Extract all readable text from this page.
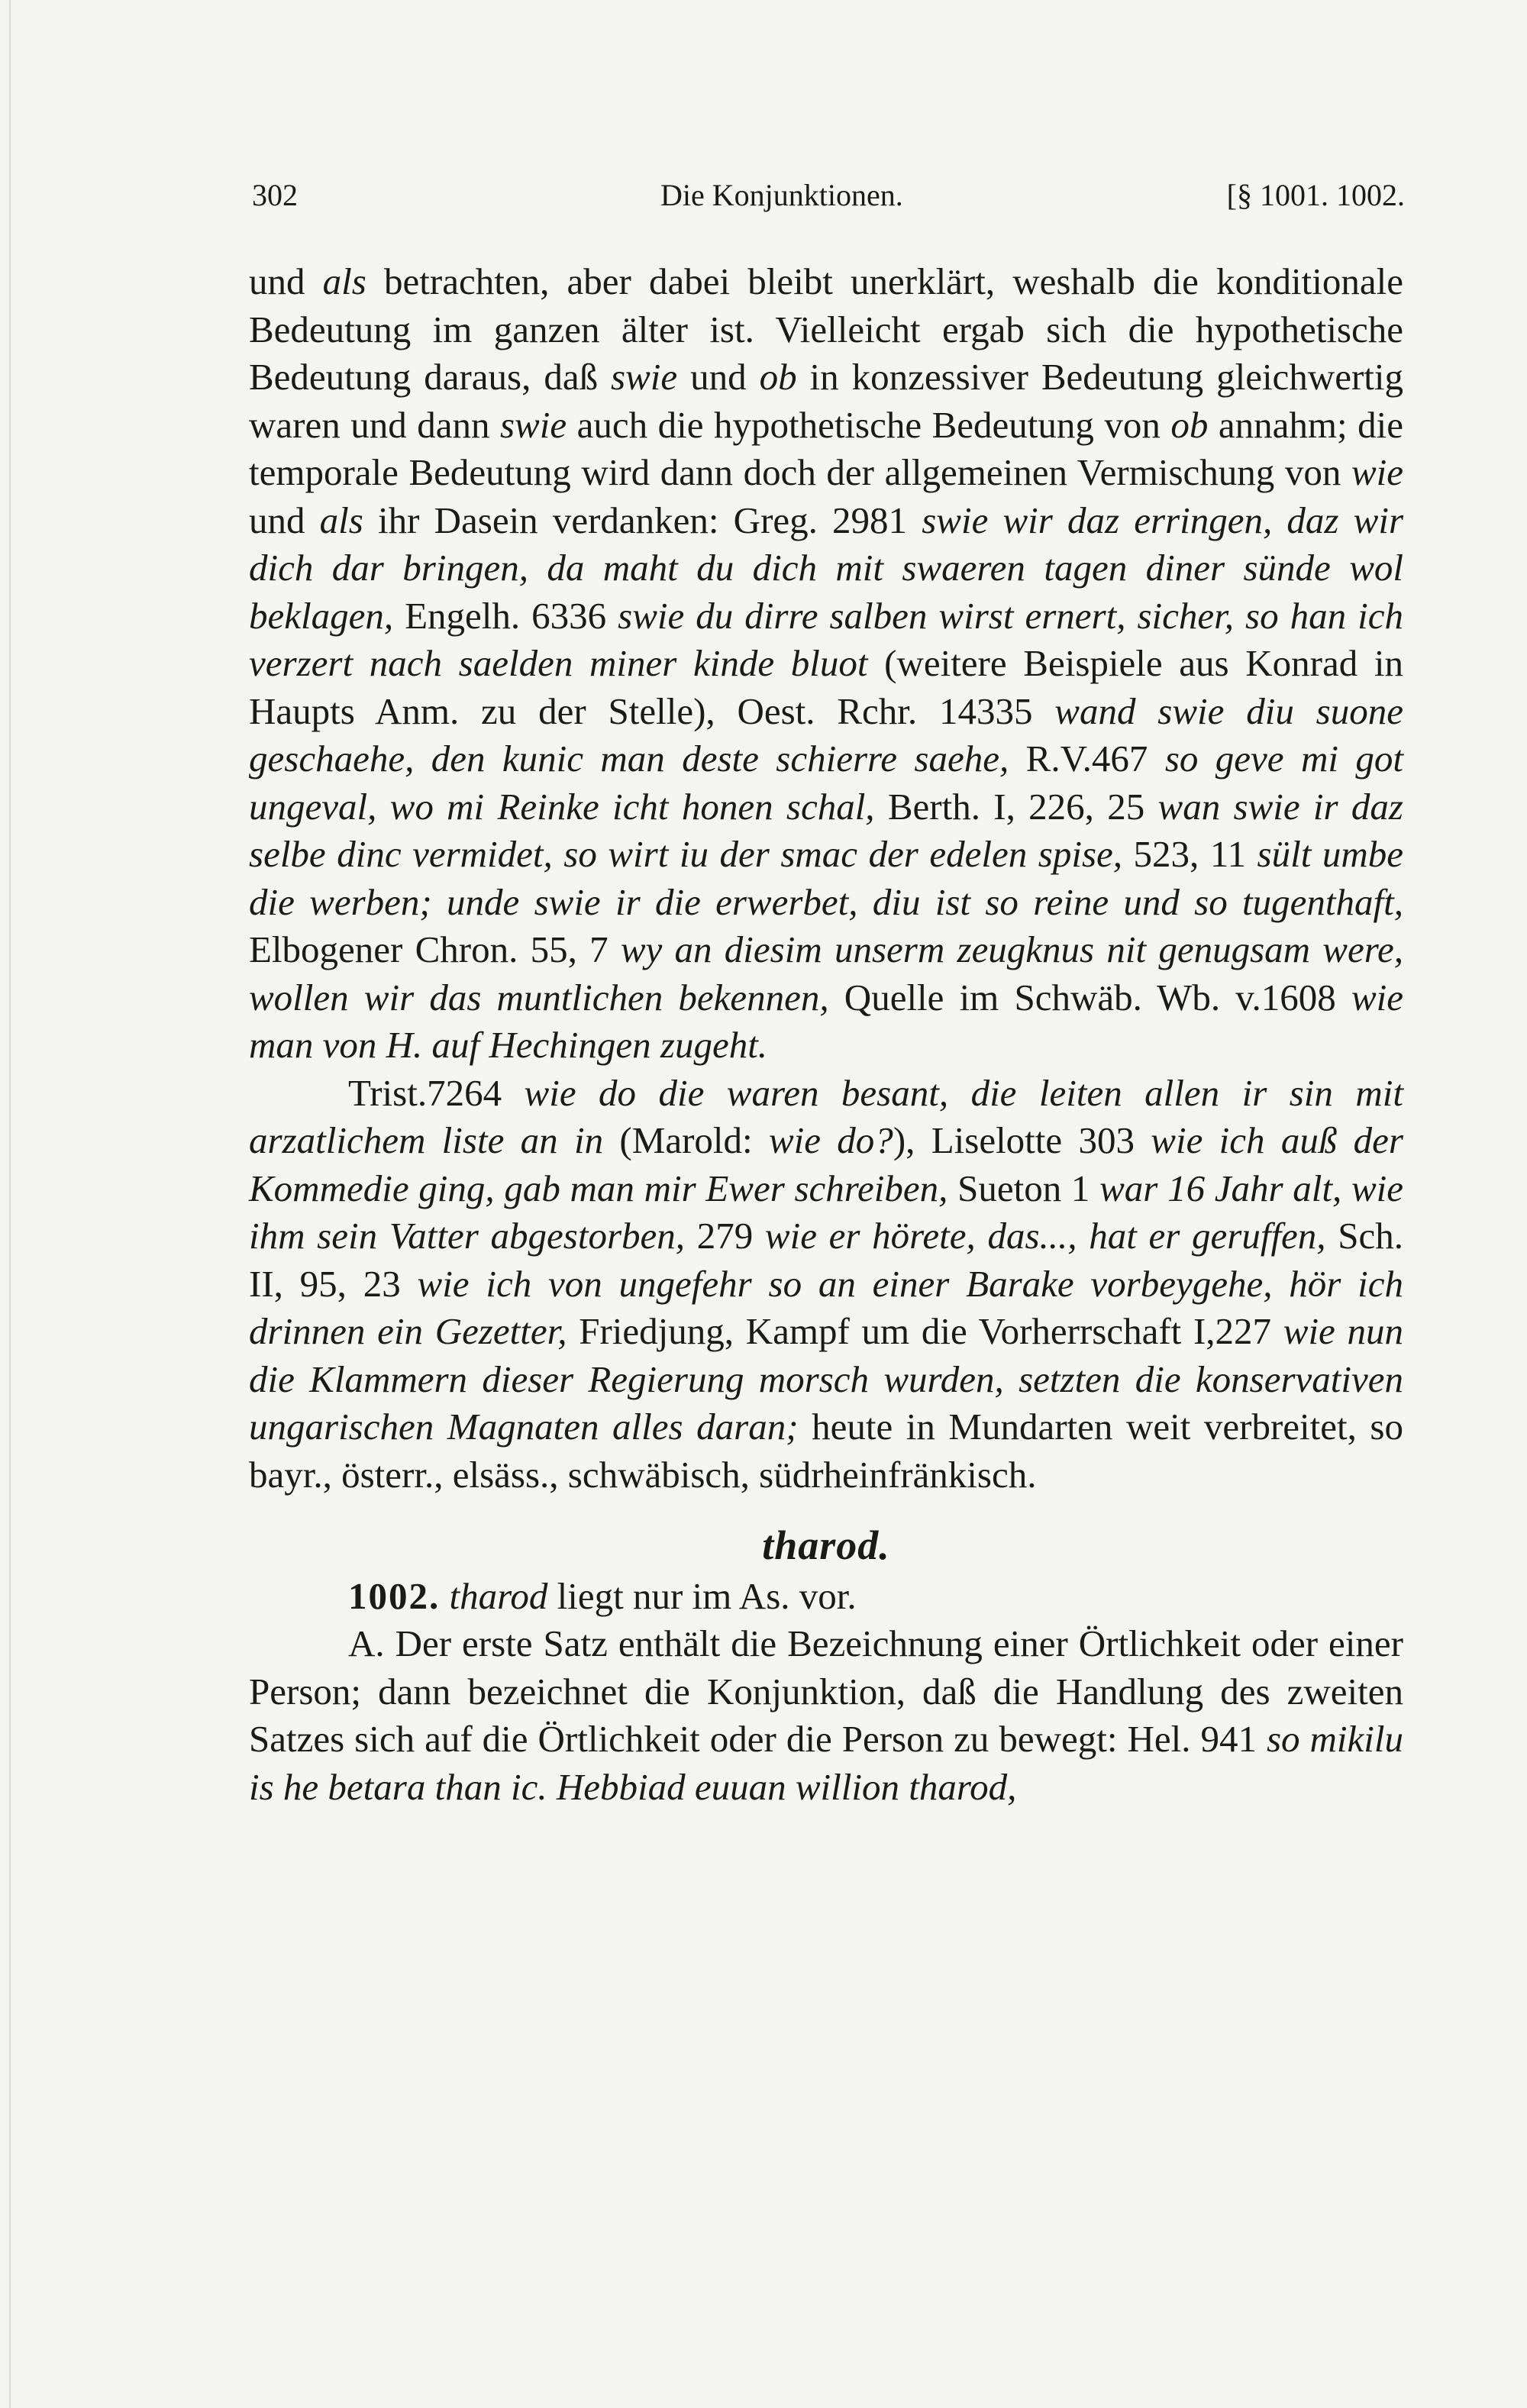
302	Die Konjunktionen.	[§ 1001. 1002.

und als betrachten, aber dabei bleibt unerklärt, weshalb die konditionale Bedeutung im ganzen älter ist. Vielleicht ergab sich die hypothetische Bedeutung daraus, daß swie und ob in konzessiver Bedeutung gleichwertig waren und dann swie auch die hypothetische Bedeutung von ob annahm; die temporale Bedeutung wird dann doch der allgemeinen Vermischung von wie und als ihr Dasein verdanken: Greg. 2981 swie wir daz erringen, daz wir dich dar bringen, da maht du dich mit swaeren tagen diner sünde wol beklagen, Engelh. 6336 swie du dirre salben wirst ernert, sicher, so han ich verzert nach saelden miner kinde bluot (weitere Beispiele aus Konrad in Haupts Anm. zu der Stelle), Oest. Rchr. 14335 wand swie diu suone geschaehe, den kunic man deste schierre saehe, R.V.467 so geve mi got ungeval, wo mi Reinke icht honen schal, Berth. I, 226, 25 wan swie ir daz selbe dinc vermidet, so wirt iu der smac der edelen spise, 523, 11 sült umbe die werben; unde swie ir die erwerbet, diu ist so reine und so tugenthaft, Elbogener Chron. 55, 7 wy an diesim unserm zeugknus nit genugsam were, wollen wir das muntlichen bekennen, Quelle im Schwäb. Wb. v.1608 wie man von H. auf Hechingen zugeht.

Trist.7264 wie do die waren besant, die leiten allen ir sin mit arzatlichem liste an in (Marold: wie do?), Liselotte 303 wie ich auß der Kommedie ging, gab man mir Ewer schreiben, Sueton 1 war 16 Jahr alt, wie ihm sein Vatter abgestorben, 279 wie er hörete, das..., hat er geruffen, Sch. II, 95, 23 wie ich von ungefehr so an einer Barake vorbeygehe, hör ich drinnen ein Gezetter, Friedjung, Kampf um die Vorherrschaft I,227 wie nun die Klammern dieser Regierung morsch wurden, setzten die konservativen ungarischen Magnaten alles daran; heute in Mundarten weit verbreitet, so bayr., österr., elsäss., schwäbisch, südrheinfränkisch.

tharod.

1002. tharod liegt nur im As. vor.

A. Der erste Satz enthält die Bezeichnung einer Örtlichkeit oder einer Person; dann bezeichnet die Konjunktion, daß die Handlung des zweiten Satzes sich auf die Örtlichkeit oder die Person zu bewegt: Hel. 941 so mikilu is he betara than ic. Hebbiad euuan willion tharod,
